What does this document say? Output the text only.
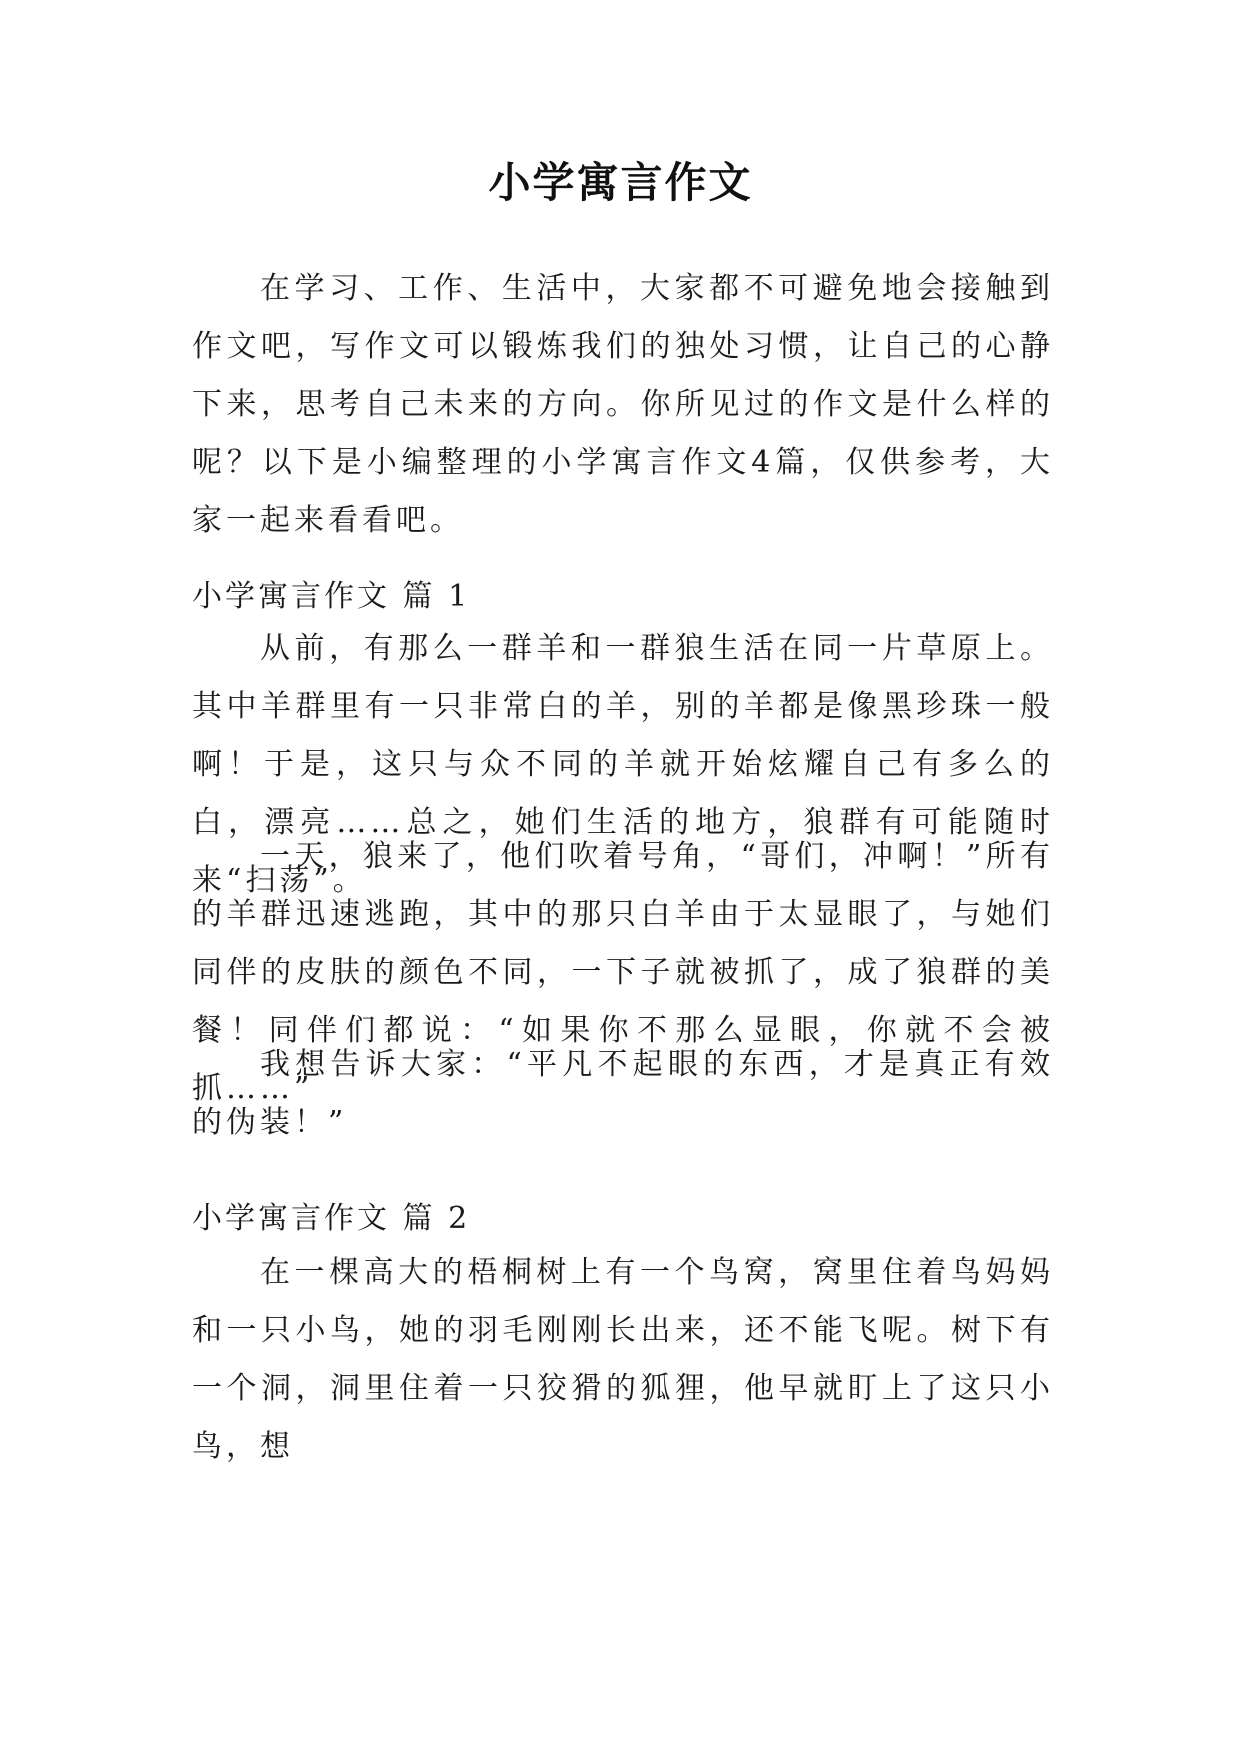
小学寓言作文

在学习、工作、生活中，大家都不可避免地会接触到作文吧，写作文可以锻炼我们的独处习惯，让自己的心静下来，思考自己未来的方向。你所见过的作文是什么样的呢？以下是小编整理的小学寓言作文4篇，仅供参考，大家一起来看看吧。

小学寓言作文 篇 1

从前，有那么一群羊和一群狼生活在同一片草原上。其中羊群里有一只非常白的羊，别的羊都是像黑珍珠一般啊！于是，这只与众不同的羊就开始炫耀自己有多么的白，漂亮……总之，她们生活的地方，狼群有可能随时来“扫荡”。

一天，狼来了，他们吹着号角，“哥们，冲啊！”所有的羊群迅速逃跑，其中的那只白羊由于太显眼了，与她们同伴的皮肤的颜色不同，一下子就被抓了，成了狼群的美餐！同伴们都说：“如果你不那么显眼，你就不会被抓……”

我想告诉大家：“平凡不起眼的东西，才是真正有效的伪装！”

小学寓言作文 篇 2

在一棵高大的梧桐树上有一个鸟窝，窝里住着鸟妈妈和一只小鸟，她的羽毛刚刚长出来，还不能飞呢。树下有一个洞，洞里住着一只狡猾的狐狸，他早就盯上了这只小鸟，想
